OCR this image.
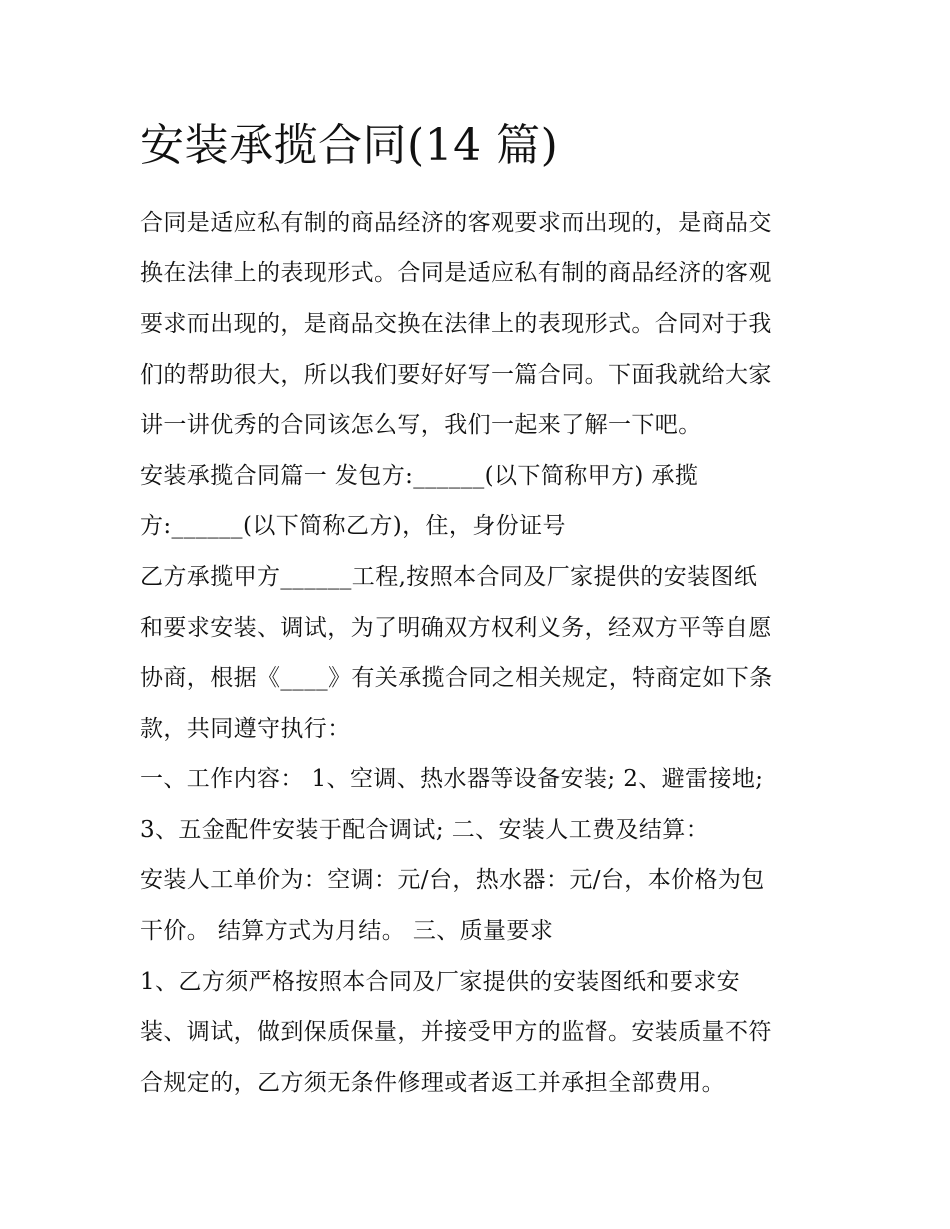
安装承揽合同(14 篇)

合同是适应私有制的商品经济的客观要求而出现的，是商品交

换在法律上的表现形式。合同是适应私有制的商品经济的客观

要求而出现的，是商品交换在法律上的表现形式。合同对于我

们的帮助很大，所以我们要好好写一篇合同。下面我就给大家

讲一讲优秀的合同该怎么写，我们一起来了解一下吧。

安装承揽合同篇一 发包方:______(以下简称甲方) 承揽

方:______(以下简称乙方)，住，身份证号

乙方承揽甲方______工程,按照本合同及厂家提供的安装图纸

和要求安装、调试，为了明确双方权利义务，经双方平等自愿

协商，根据《____》有关承揽合同之相关规定，特商定如下条

款，共同遵守执行：

一、工作内容： 1、空调、热水器等设备安装; 2、避雷接地;

3、五金配件安装于配合调试; 二、安装人工费及结算：

安装人工单价为：空调：元/台，热水器：元/台，本价格为包

干价。 结算方式为月结。 三、质量要求

1、乙方须严格按照本合同及厂家提供的安装图纸和要求安

装、调试，做到保质保量，并接受甲方的监督。安装质量不符

合规定的，乙方须无条件修理或者返工并承担全部费用。
